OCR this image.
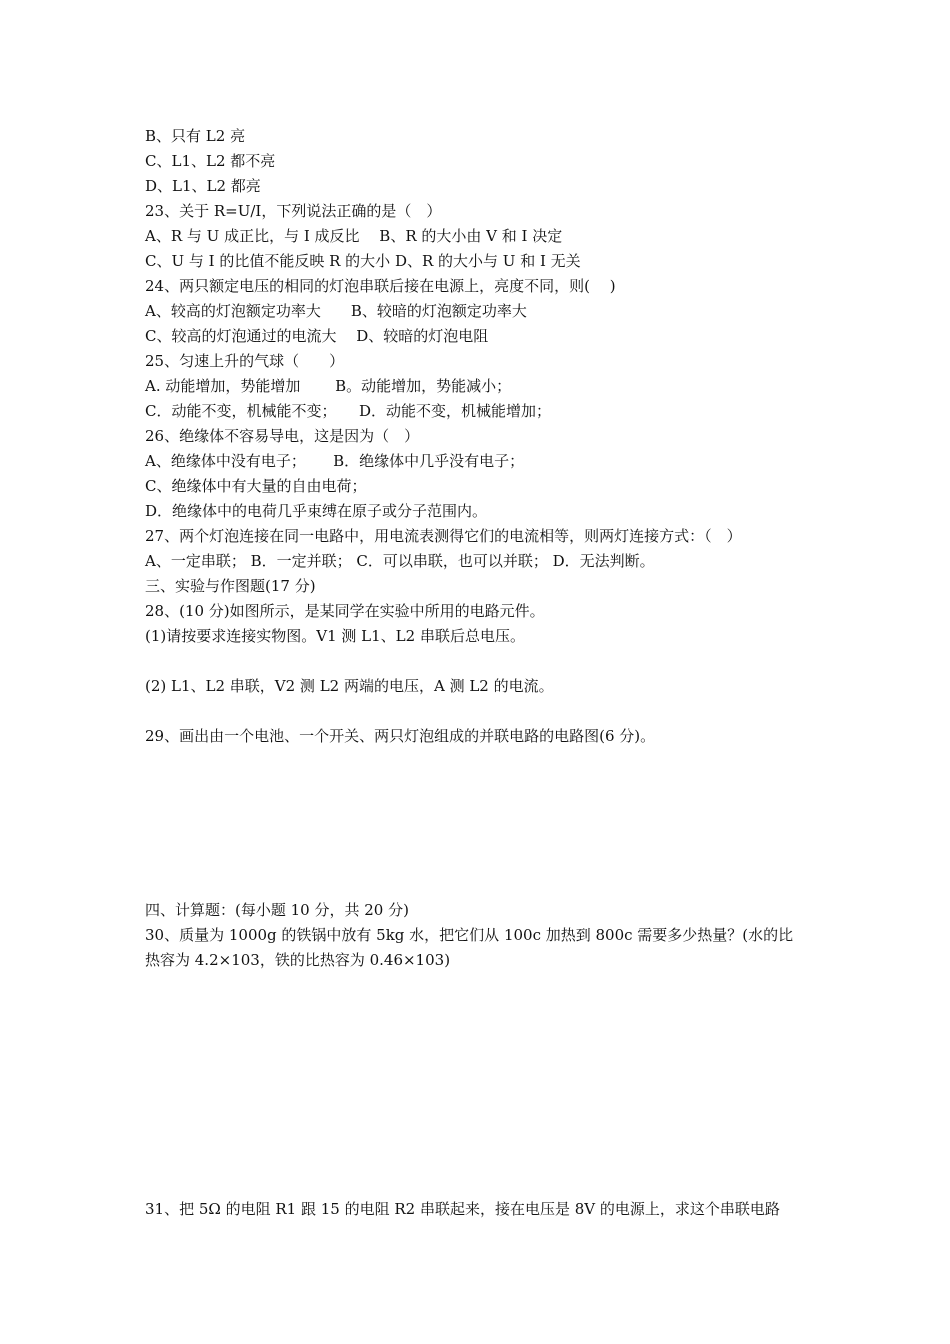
B、只有 L2 亮
C、L1、L2 都不亮
D、L1、L2 都亮
23、关于 R=U/I，下列说法正确的是（　）
A、R 与 U 成正比，与 I 成反比　 B、R 的大小由 V 和 I 决定
C、U 与 I 的比值不能反映 R 的大小 D、R 的大小与 U 和 I 无关
24、两只额定电压的相同的灯泡串联后接在电源上，亮度不同，则(　 )
A、较高的灯泡额定功率大　　B、较暗的灯泡额定功率大
C、较高的灯泡通过的电流大　 D、较暗的灯泡电阻
25、匀速上升的气球（　　）
A. 动能增加，势能增加　　 B。动能增加，势能减小；
C．动能不变，机械能不变；　　D．动能不变，机械能增加；
26、绝缘体不容易导电，这是因为（　）
A、绝缘体中没有电子；　　 B．绝缘体中几乎没有电子；
C、绝缘体中有大量的自由电荷；
D．绝缘体中的电荷几乎束缚在原子或分子范围内。
27、两个灯泡连接在同一电路中，用电流表测得它们的电流相等，则两灯连接方式：（　）
A、一定串联； B．一定并联； C．可以串联，也可以并联； D．无法判断。
三、实验与作图题(17 分)
28、(10 分)如图所示，是某同学在实验中所用的电路元件。
(1)请按要求连接实物图。V1 测 L1、L2 串联后总电压。
(2) L1、L2 串联，V2 测 L2 两端的电压，A 测 L2 的电流。
29、画出由一个电池、一个开关、两只灯泡组成的并联电路的电路图(6 分)。
四、计算题：(每小题 10 分，共 20 分)
30、质量为 1000g 的铁锅中放有 5kg 水，把它们从 100c 加热到 800c 需要多少热量？(水的比
热容为 4.2×103，铁的比热容为 0.46×103)
31、把 5Ω 的电阻 R1 跟 15 的电阻 R2 串联起来，接在电压是 8V 的电源上，求这个串联电路
